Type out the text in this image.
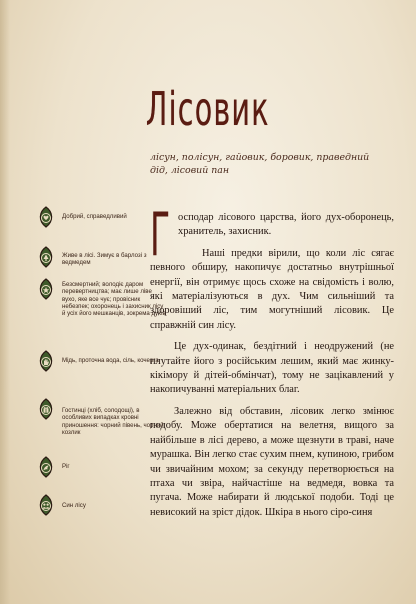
Лісовик
лісун, полісун, гайовик, боровик, праведний дід, лісовий пан
Добрий, справедливий
Живе в лісі. Зимує в барлозі з ведмедем
Безсмертний; володіє даром перевертництва; має лише ліве вухо, яке все чує; провісник небезпек; охоронець і захисник лісу й усіх його мешканців, зокрема духів
Мідь, проточна вода, сіль, кочерга
Гостинці (хліб, солодощі), в особливих випадках кровні приношення: чорний півень, чорний козлик
Ріг
Син лісу

Господар лісового царства, його дух-оборонець, хранитель, захисник.

Наші предки вірили, що коли ліс сягає певного обширу, накопичує достатньо внутрішньої енергії, він отримує щось схоже на свідомість і волю, які матеріалізуються в дух. Чим сильніший та здоровіший ліс, тим могутніший лісовик. Це справжній син лісу.

Це дух-одинак, бездітний і неодружений (не плутайте його з російським лешим, який має жинку-кікімору й дітей-обмінчат), тому не зацікавлений у накопичуванні матеріальних благ.

Залежно від обставин, лісовик легко змінює подобу. Може обертатися на велетня, вищого за найбільше в лісі дерево, а може щезнути в траві, наче мурашка. Він легко стає сухим пнем, купиною, грибом чи звичайним мохом; за секунду перетворюється на птаха чи звіра, найчастіше на ведмедя, вовка та пугача. Може набирати й людської подоби. Тоді це невисокий на зріст дідок. Шкіра в нього сіро-синя
